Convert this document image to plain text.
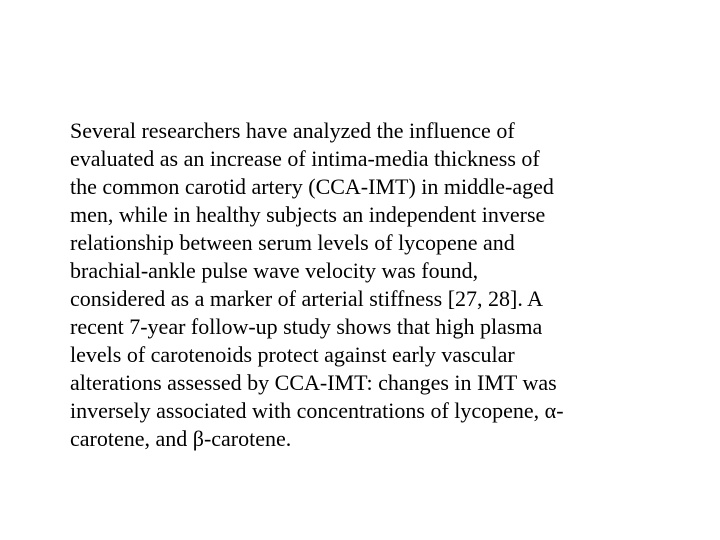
Several researchers have analyzed the influence of
evaluated as an increase of intima-media thickness of
the common carotid artery (CCA-IMT) in middle-aged
men, while in healthy subjects an independent inverse
relationship between serum levels of lycopene and
brachial-ankle pulse wave velocity was found,
considered as a marker of arterial stiffness [27, 28]. A
recent 7-year follow-up study shows that high plasma
levels of carotenoids protect against early vascular
alterations assessed by CCA-IMT: changes in IMT was
inversely associated with concentrations of lycopene, α-
carotene, and β-carotene.
